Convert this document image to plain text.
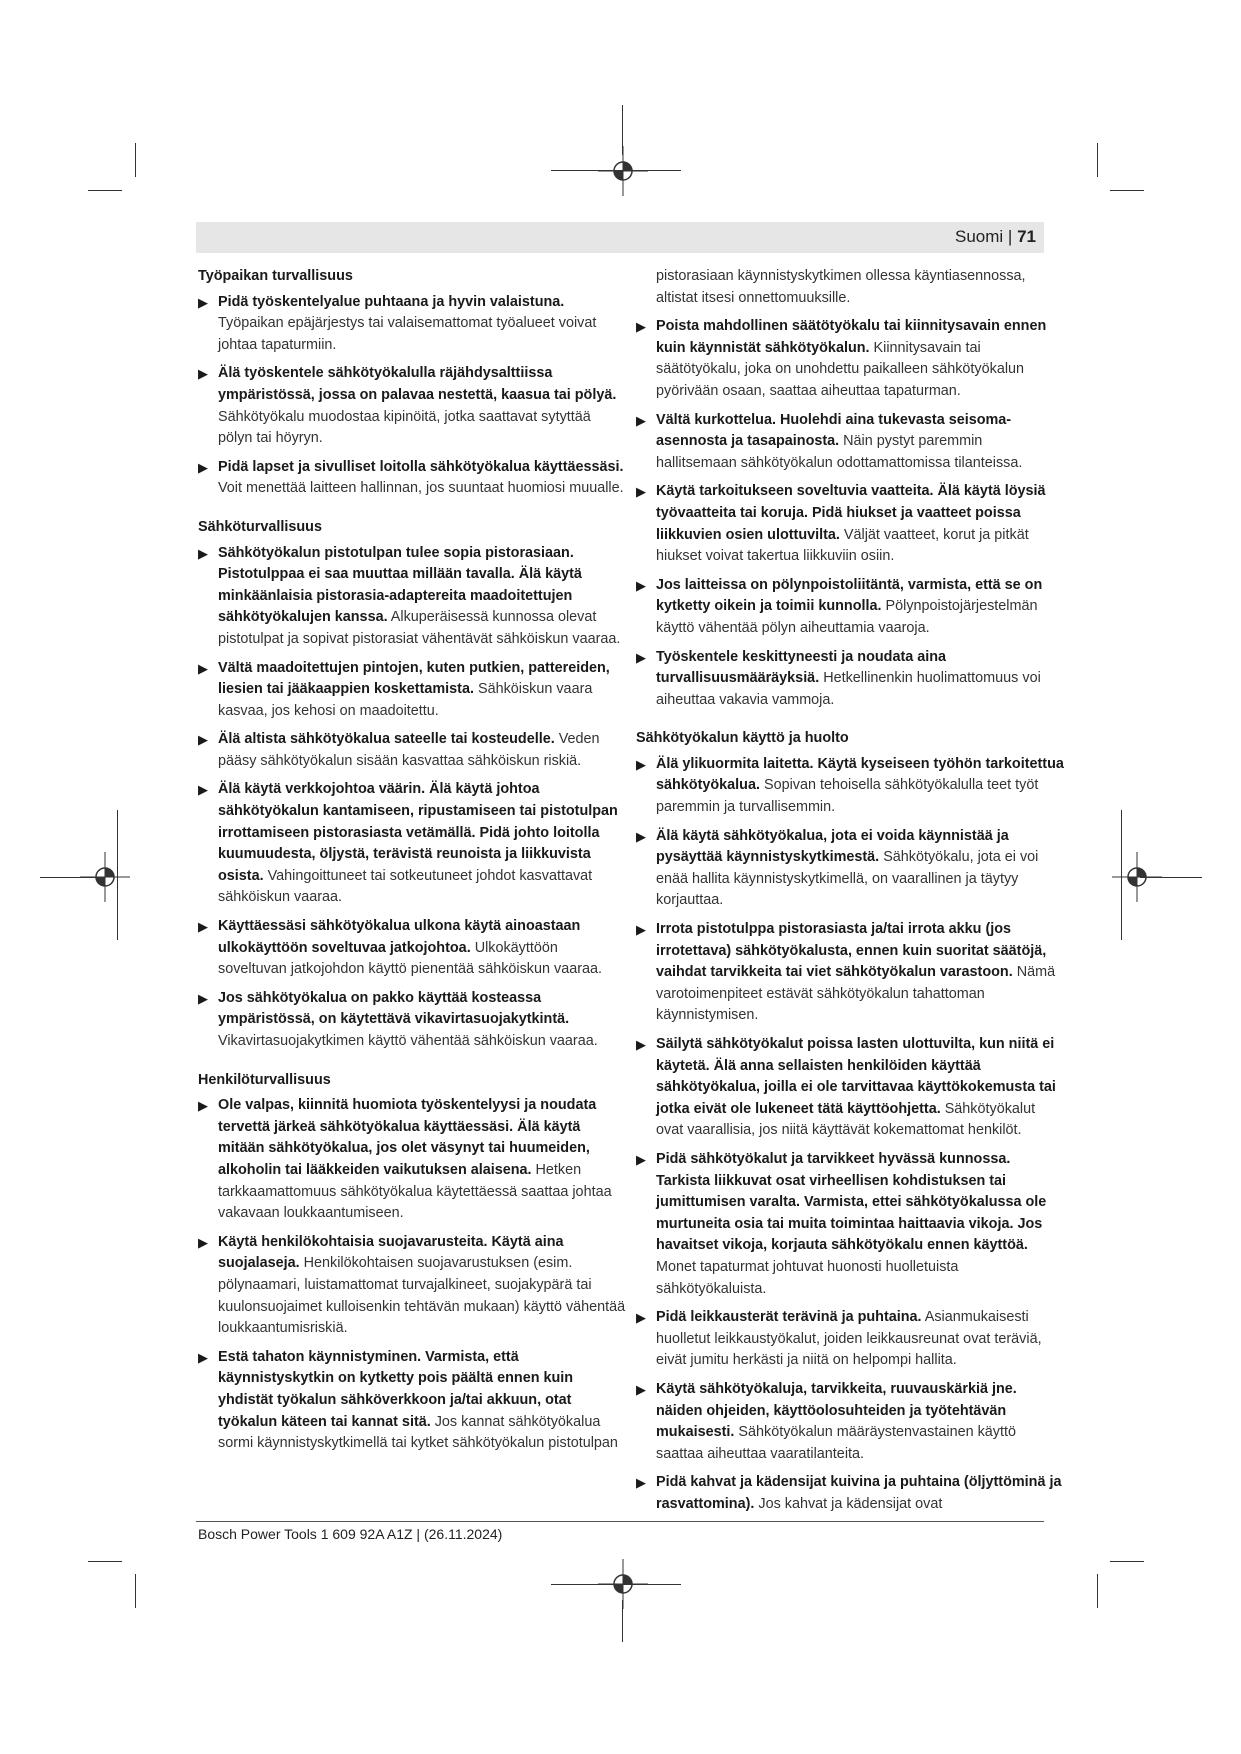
Suomi | 71
Työpaikan turvallisuus
▶ Pidä työskentelyalue puhtaana ja hyvin valaistuna. Työpaikan epäjärjestys tai valaisemattomat työalueet voivat johtaa tapaturmiin.
▶ Älä työskentele sähkötyökalulla räjähdysalttiissa ympäristössä, jossa on palavaa nestettä, kaasua tai pölyä. Sähkötyökalu muodostaa kipinöitä, jotka saattavat sytyttää pölyn tai höyryn.
▶ Pidä lapset ja sivulliset loitolla sähkötyökalua käyttäessäsi. Voit menettää laitteen hallinnan, jos suuntaat huomiosi muualle.
Sähköturvallisuus
▶ Sähkötyökalun pistotulpan tulee sopia pistorasiaan. Pistotulppaa ei saa muuttaa millään tavalla. Älä käytä minkäänlaisia pistorasia-adaptereita maadoitettujen sähkötyökalujen kanssa. Alkuperäisessä kunnossa olevat pistotulpat ja sopivat pistorasiat vähentävät sähköiskun vaaraa.
▶ Vältä maadoitettujen pintojen, kuten putkien, pattereiden, liesien tai jääkaappien koskettamista. Sähköiskun vaara kasvaa, jos kehosi on maadoitettu.
▶ Älä altista sähkötyökalua sateelle tai kosteudelle. Veden pääsy sähkötyökalun sisään kasvattaa sähköiskun riskiä.
▶ Älä käytä verkkojohtoa väärin. Älä käytä johtoa sähkötyökalun kantamiseen, ripustamiseen tai pistotulpan irrottamiseen pistorasiasta vetämällä. Pidä johto loitolla kuumuudesta, öljystä, terävistä reunoista ja liikkuvista osista. Vahingoittuneet tai sotkeutuneet johdot kasvattavat sähköiskun vaaraa.
▶ Käyttäessäsi sähkötyökalua ulkona käytä ainoastaan ulkokäyttöön soveltuvaa jatkojohtoa. Ulkokäyttöön soveltuvan jatkojohdon käyttö pienentää sähköiskun vaaraa.
▶ Jos sähkötyökalua on pakko käyttää kosteassa ympäristössä, on käytettävä vikavirtasuojakytkintä. Vikavirtasuojakytkimen käyttö vähentää sähköiskun vaaraa.
Henkilöturvallisuus
▶ Ole valpas, kiinnitä huomiota työskentelyysi ja noudata tervettä järkeä sähkötyökalua käyttäessäsi. Älä käytä mitään sähkötyökalua, jos olet väsynyt tai huumeiden, alkoholin tai lääkkeiden vaikutuksen alaisena. Hetken tarkkaamattomuus sähkötyökalua käytettäessä saattaa johtaa vakavaan loukkaantumiseen.
▶ Käytä henkilökohtaisia suojavarusteita. Käytä aina suojalaseja. Henkilökohtaisen suojavarustuksen (esim. pölynaamari, luistamattomat turvajalkineet, suojakypärä tai kuulonsuojaimet kulloisenkin tehtävän mukaan) käyttö vähentää loukkaantumisriskiä.
▶ Estä tahaton käynnistyminen. Varmista, että käynnistyskytkin on kytketty pois päältä ennen kuin yhdistät työkalun sähköverkkoon ja/tai akkuun, otat työkalun käteen tai kannat sitä. Jos kannat sähkötyökalua sormi käynnistyskytkimellä tai kytket sähkötyökalun pistotulpan
pistorasiaan käynnistyskytkimen ollessa käyntiasennossa, altistat itsesi onnettomuuksille.
▶ Poista mahdollinen säätötyökalu tai kiinnitysavain ennen kuin käynnistät sähkötyökalun. Kiinnitysavain tai säätötyökalu, joka on unohdettu paikalleen sähkötyökalun pyörivään osaan, saattaa aiheuttaa tapaturman.
▶ Vältä kurkottelua. Huolehdi aina tukevasta seisoma-asennosta ja tasapainosta. Näin pystyt paremmin hallitsemaan sähkötyökalun odottamattomissa tilanteissa.
▶ Käytä tarkoitukseen soveltuvia vaatteita. Älä käytä löysiä työvaatteita tai koruja. Pidä hiukset ja vaatteet poissa liikkuvien osien ulottuvilta. Väljät vaatteet, korut ja pitkät hiukset voivat takertua liikkuviin osiin.
▶ Jos laitteissa on pölynpoistoliitäntä, varmista, että se on kytketty oikein ja toimii kunnolla. Pölynpoistojärjestelmän käyttö vähentää pölyn aiheuttamia vaaroja.
▶ Työskentele keskittyneesti ja noudata aina turvallisuusmääräyksiä. Hetkellinenkin huolimattomuus voi aiheuttaa vakavia vammoja.
Sähkötyökalun käyttö ja huolto
▶ Älä ylikuormita laitetta. Käytä kyseiseen työhön tarkoitettua sähkötyökalua. Sopivan tehoisella sähkötyökalulla teet työt paremmin ja turvallisemmin.
▶ Älä käytä sähkötyökalua, jota ei voida käynnistää ja pysäyttää käynnistyskytkimestä. Sähkötyökalu, jota ei voi enää hallita käynnistyskytkimellä, on vaarallinen ja täytyy korjauttaa.
▶ Irrota pistotulppa pistorasiasta ja/tai irrota akku (jos irrotettava) sähkötyökalusta, ennen kuin suoritat säätöjä, vaihdat tarvikkeita tai viet sähkötyökalun varastoon. Nämä varotoimenpiteet estävät sähkötyökalun tahattoman käynnistymisen.
▶ Säilytä sähkötyökalut poissa lasten ulottuvilta, kun niitä ei käytetä. Älä anna sellaisten henkilöiden käyttää sähkötyökalua, joilla ei ole tarvittavaa käyttökokemusta tai jotka eivät ole lukeneet tätä käyttöohjetta. Sähkötyökalut ovat vaarallisia, jos niitä käyttävät kokemattomat henkilöt.
▶ Pidä sähkötyökalut ja tarvikkeet hyvässä kunnossa. Tarkista liikkuvat osat virheellisen kohdistuksen tai jumittumisen varalta. Varmista, ettei sähkötyökalussa ole murtuneita osia tai muita toimintaa haittaavia vikoja. Jos havaitset vikoja, korjauta sähkötyökalu ennen käyttöä. Monet tapaturmat johtuvat huonosti huolletuista sähkötyökaluista.
▶ Pidä leikkausterät terävinä ja puhtaina. Asianmukaisesti huolletut leikkaustyökalut, joiden leikkausreunat ovat teräviä, eivät jumitu herkästi ja niitä on helpompi hallita.
▶ Käytä sähkötyökaluja, tarvikkeita, ruuvauskärkiä jne. näiden ohjeiden, käyttöolosuhteiden ja työtehtävän mukaisesti. Sähkötyökalun määräystenvastainen käyttö saattaa aiheuttaa vaaratilanteita.
▶ Pidä kahvat ja kädensijat kuivina ja puhtaina (öljyttöminä ja rasvattomina). Jos kahvat ja kädensijat ovat
Bosch Power Tools 1 609 92A A1Z | (26.11.2024)
